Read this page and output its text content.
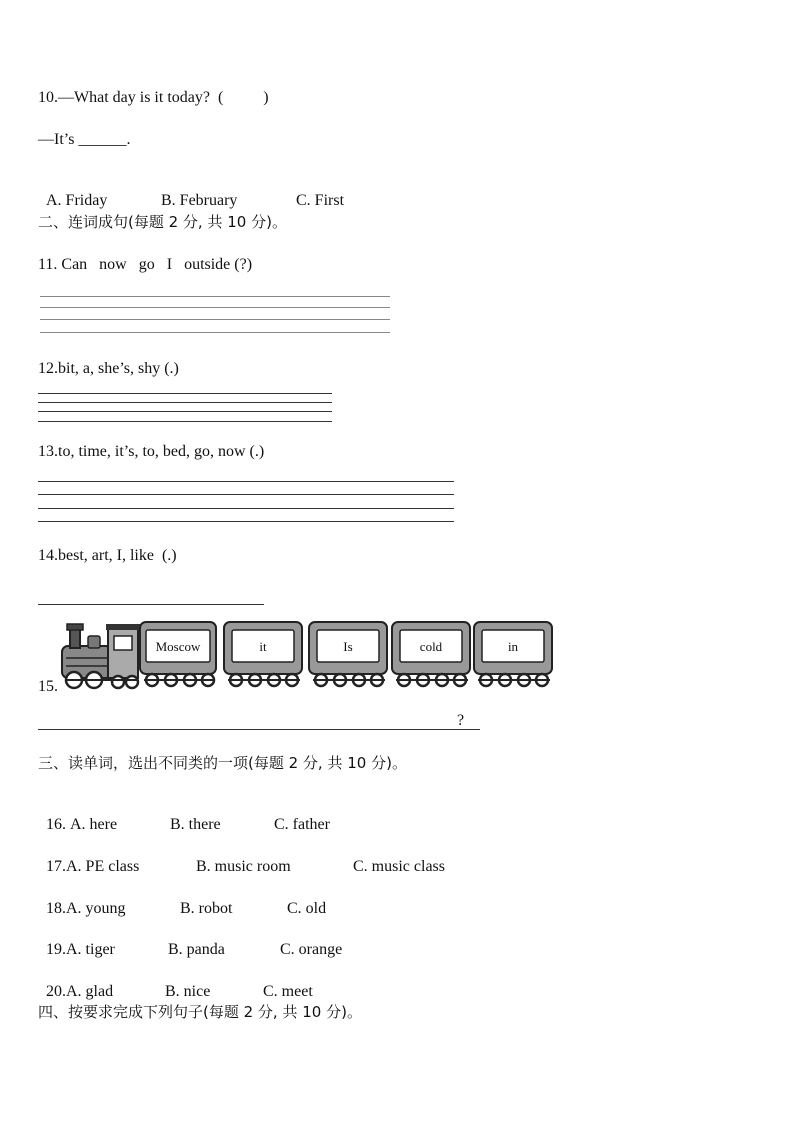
10.—What day is it today?  (          )
—It’s ______.

A. Friday	B. February	C. First

二、连词成句(每题 2 分, 共 10 分)。
11. Can   now   go   I   outside (?)
12.bit, a, she’s, shy (.)
13.to, time, it’s, to, bed, go, now (.)
14.best, art, I, like  (.)
15.
Moscow	it	Is	cold	in
?
三、读单词，选出不同类的一项(每题 2 分, 共 10 分)。

16. A. here	B. there	C. father

17.A. PE class	B. music room	C. music class

18.A. young	B. robot	C. old

19.A. tiger	B. panda	C. orange

20.A. glad	B. nice	C. meet

四、按要求完成下列句子(每题 2 分, 共 10 分)。
